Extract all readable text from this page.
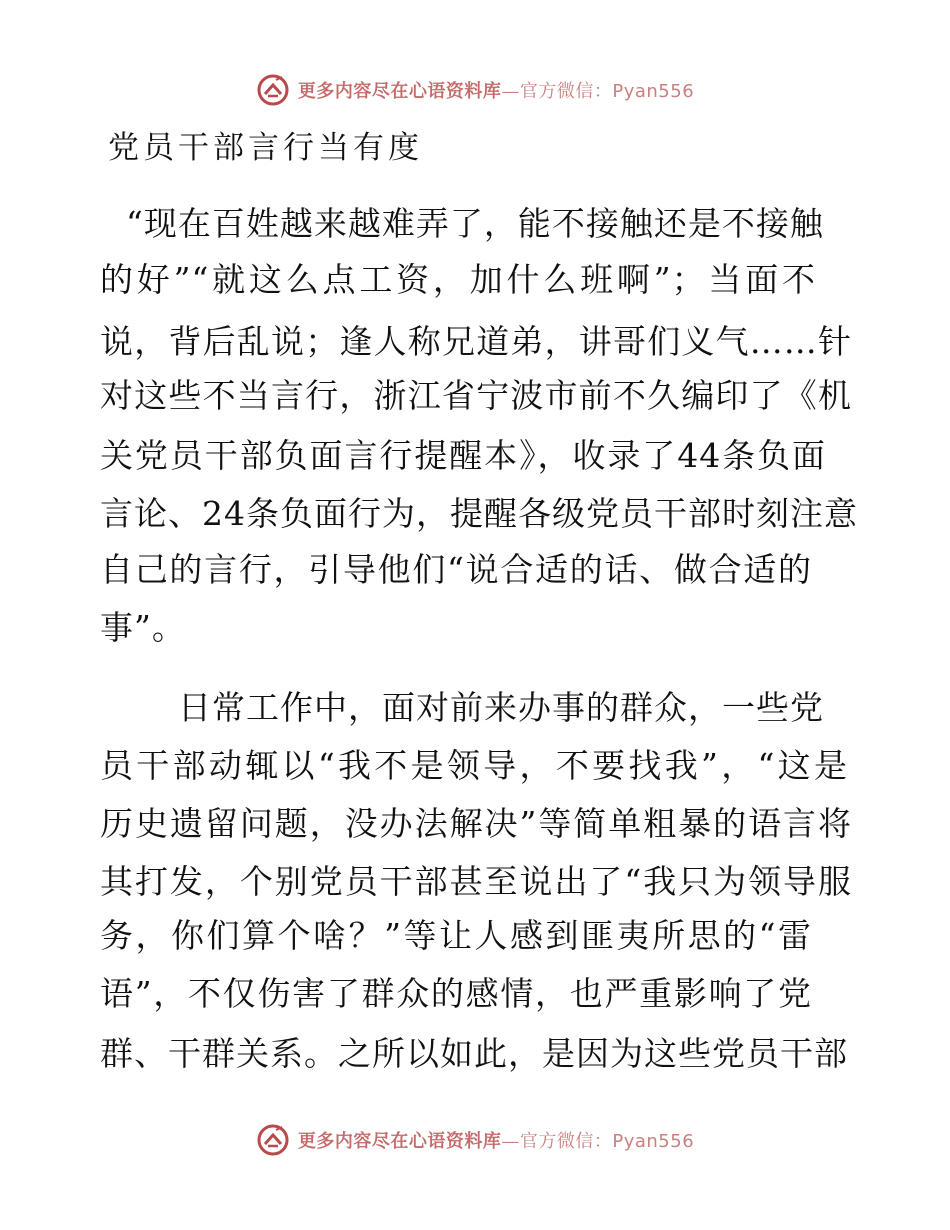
更多内容尽在心语资料库—官方微信：Pyan556
党员干部言行当有度
“现在百姓越来越难弄了，能不接触还是不接触
的好”“就这么点工资，加什么班啊”；当面不
说，背后乱说；逢人称兄道弟，讲哥们义气……针
对这些不当言行，浙江省宁波市前不久编印了《机
关党员干部负面言行提醒本》，收录了44条负面
言论、24条负面行为，提醒各级党员干部时刻注意
自己的言行，引导他们“说合适的话、做合适的
事”。
日常工作中，面对前来办事的群众，一些党
员干部动辄以“我不是领导，不要找我”，“这是
历史遗留问题，没办法解决”等简单粗暴的语言将
其打发，个别党员干部甚至说出了“我只为领导服
务，你们算个啥？”等让人感到匪夷所思的“雷
语”，不仅伤害了群众的感情，也严重影响了党
群、干群关系。之所以如此，是因为这些党员干部
更多内容尽在心语资料库—官方微信：Pyan556
